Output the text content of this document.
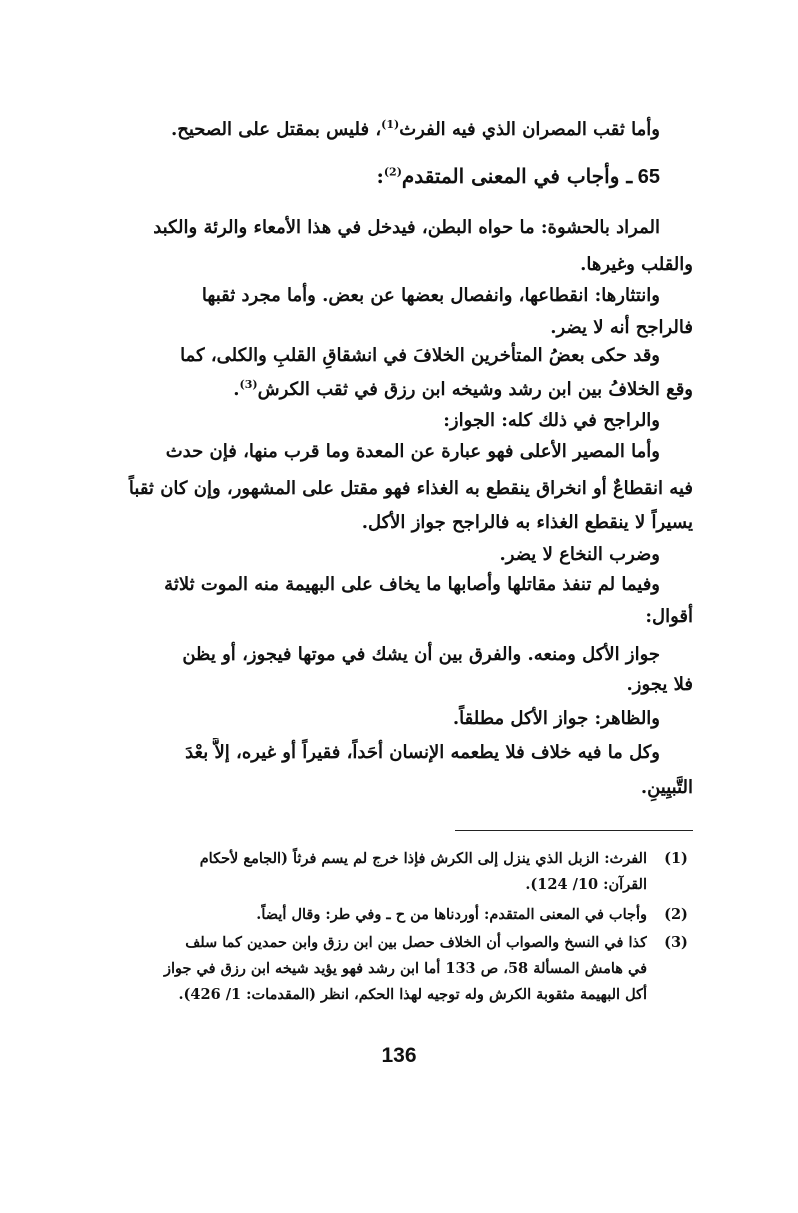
وأما ثقب المصران الذي فيه الفرث$^{(1)}$، فليس بمقتل على الصحيح.
65 ـ وأجاب في المعنى المتقدم$^{(2)}$:
المراد بالحشوة: ما حواه البطن، فيدخل في هذا الأمعاء والرئة والكبد
والقلب وغيرها.
وانتثارها: انقطاعها، وانفصال بعضها عن بعض. وأما مجرد ثقبها
فالراجح أنه لا يضر.
وقد حكى بعضُ المتأخرين الخلافَ في انشقاقِ القلبِ والكلى، كما
وقع الخلافُ بين ابن رشد وشيخه ابن رزق في ثقب الكرش$^{(3)}$.
والراجح في ذلك كله: الجواز:
وأما المصير الأعلى فهو عبارة عن المعدة وما قرب منها، فإن حدث
فيه انقطاعٌ أو انخراق ينقطع به الغذاء فهو مقتل على المشهور، وإن كان ثقباً
يسيراً لا ينقطع الغذاء به فالراجح جواز الأكل.
وضرب النخاع لا يضر.
وفيما لم تنفذ مقاتلها وأصابها ما يخاف على البهيمة منه الموت ثلاثة
أقوال:
جواز الأكل ومنعه. والفرق بين أن يشك في موتها فيجوز، أو يظن
فلا يجوز.
والظاهر: جواز الأكل مطلقاً.
وكل ما فيه خلاف فلا يطعمه الإنسان أحَداً، فقيراً أو غيره، إلاَّ بعْدَ
التَّبيِينِ.
(1)
الفرث: الزبل الذي ينزل إلى الكرش فإذا خرج لم يسم فرثاً (الجامع لأحكام
القرآن: 10/ 124).
(2)
وأجاب في المعنى المتقدم: أوردناها من ح ـ وفي طر: وقال أيضاً.
(3)
كذا في النسخ والصواب أن الخلاف حصل بين ابن رزق وابن حمدين كما سلف
في هامش المسألة 58، ص 133 أما ابن رشد فهو يؤيد شيخه ابن رزق في جواز
أكل البهيمة مثقوبة الكرش وله توجيه لهذا الحكم، انظر (المقدمات: 1/ 426).
136
